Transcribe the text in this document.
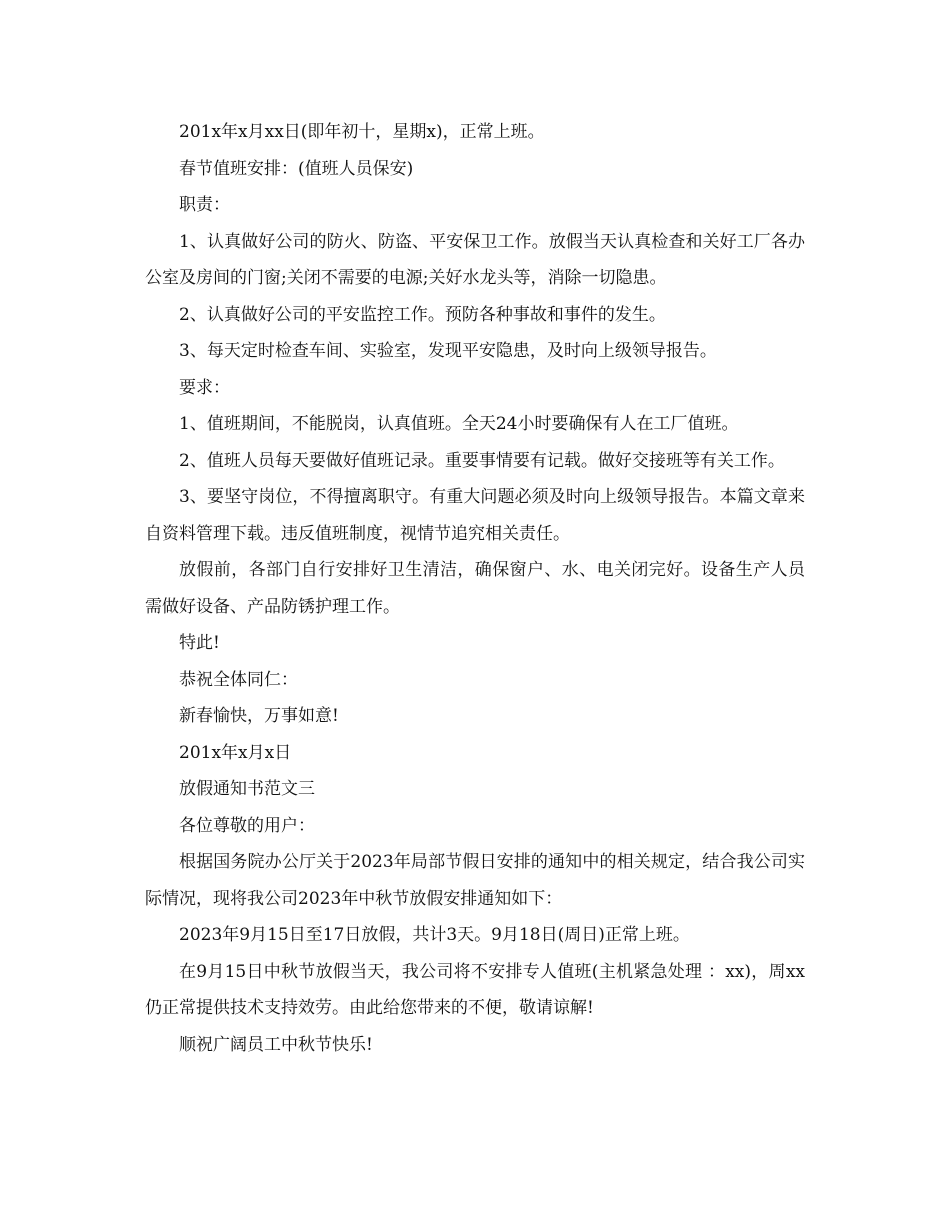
201x年x月xx日(即年初十，星期x)，正常上班。

春节值班安排：(值班人员保安)

职责：

1、认真做好公司的防火、防盗、平安保卫工作。放假当天认真检查和关好工厂各办公室及房间的门窗;关闭不需要的电源;关好水龙头等，消除一切隐患。

2、认真做好公司的平安监控工作。预防各种事故和事件的发生。

3、每天定时检查车间、实验室，发现平安隐患，及时向上级领导报告。

要求：

1、值班期间，不能脱岗，认真值班。全天24小时要确保有人在工厂值班。

2、值班人员每天要做好值班记录。重要事情要有记载。做好交接班等有关工作。

3、要坚守岗位，不得擅离职守。有重大问题必须及时向上级领导报告。本篇文章来自资料管理下载。违反值班制度，视情节追究相关责任。

放假前，各部门自行安排好卫生清洁，确保窗户、水、电关闭完好。设备生产人员需做好设备、产品防锈护理工作。

特此!

恭祝全体同仁：

新春愉快，万事如意!

201x年x月x日

放假通知书范文三

各位尊敬的用户：

根据国务院办公厅关于2023年局部节假日安排的通知中的相关规定，结合我公司实际情况，现将我公司2023年中秋节放假安排通知如下：

2023年9月15日至17日放假，共计3天。9月18日(周日)正常上班。

在9月15日中秋节放假当天，我公司将不安排专人值班(主机紧急处理 ：xx)，周xx仍正常提供技术支持效劳。由此给您带来的不便，敬请谅解!

顺祝广阔员工中秋节快乐!
